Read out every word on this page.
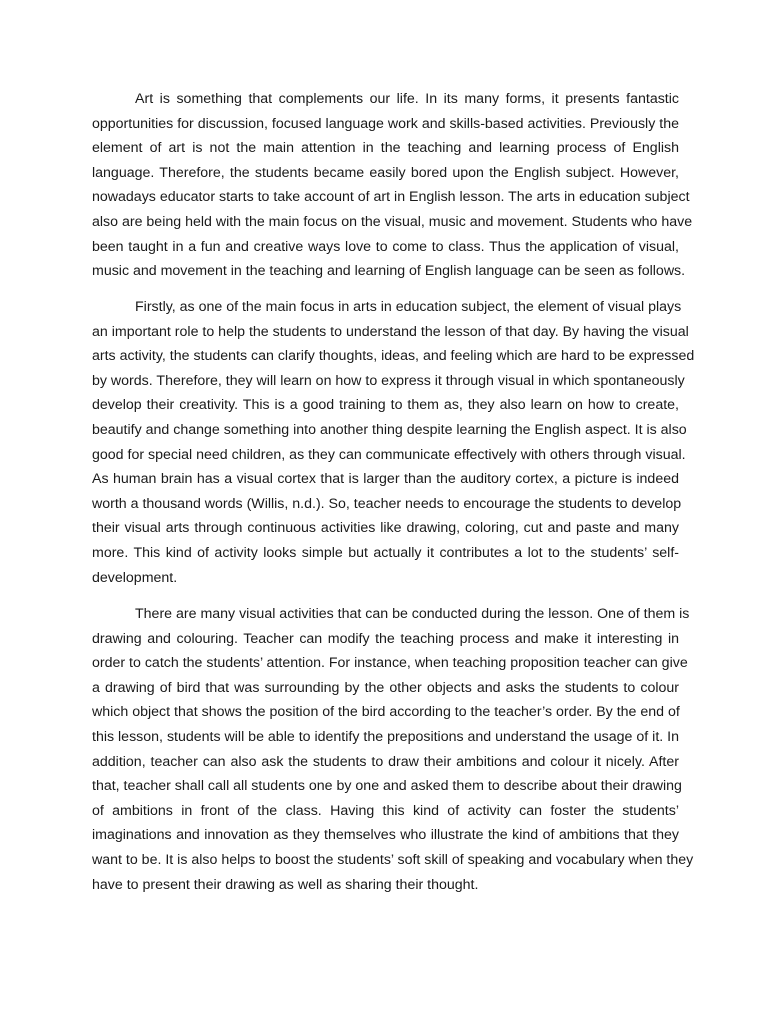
Art is something that complements our life. In its many forms, it presents fantastic
opportunities for discussion, focused language work and skills-based activities. Previously the
element of art is not the main attention in the teaching and learning process of English
language. Therefore, the students became easily bored upon the English subject. However,
nowadays educator starts to take account of art in English lesson. The arts in education subject
also are being held with the main focus on the visual, music and movement. Students who have
been taught in a fun and creative ways love to come to class. Thus the application of visual,
music and movement in the teaching and learning of English language can be seen as follows.
Firstly, as one of the main focus in arts in education subject, the element of visual plays
an important role to help the students to understand the lesson of that day. By having the visual
arts activity, the students can clarify thoughts, ideas, and feeling which are hard to be expressed
by words. Therefore, they will learn on how to express it through visual in which spontaneously
develop their creativity. This is a good training to them as, they also learn on how to create,
beautify and change something into another thing despite learning the English aspect. It is also
good for special need children, as they can communicate effectively with others through visual.
As human brain has a visual cortex that is larger than the auditory cortex, a picture is indeed
worth a thousand words (Willis, n.d.). So, teacher needs to encourage the students to develop
their visual arts through continuous activities like drawing, coloring, cut and paste and many
more. This kind of activity looks simple but actually it contributes a lot to the students’ self-
development.
There are many visual activities that can be conducted during the lesson. One of them is
drawing and colouring. Teacher can modify the teaching process and make it interesting in
order to catch the students’ attention. For instance, when teaching proposition teacher can give
a drawing of bird that was surrounding by the other objects and asks the students to colour
which object that shows the position of the bird according to the teacher’s order. By the end of
this lesson, students will be able to identify the prepositions and understand the usage of it. In
addition, teacher can also ask the students to draw their ambitions and colour it nicely. After
that, teacher shall call all students one by one and asked them to describe about their drawing
of ambitions in front of the class. Having this kind of activity can foster the students’
imaginations and innovation as they themselves who illustrate the kind of ambitions that they
want to be. It is also helps to boost the students’ soft skill of speaking and vocabulary when they
have to present their drawing as well as sharing their thought.
